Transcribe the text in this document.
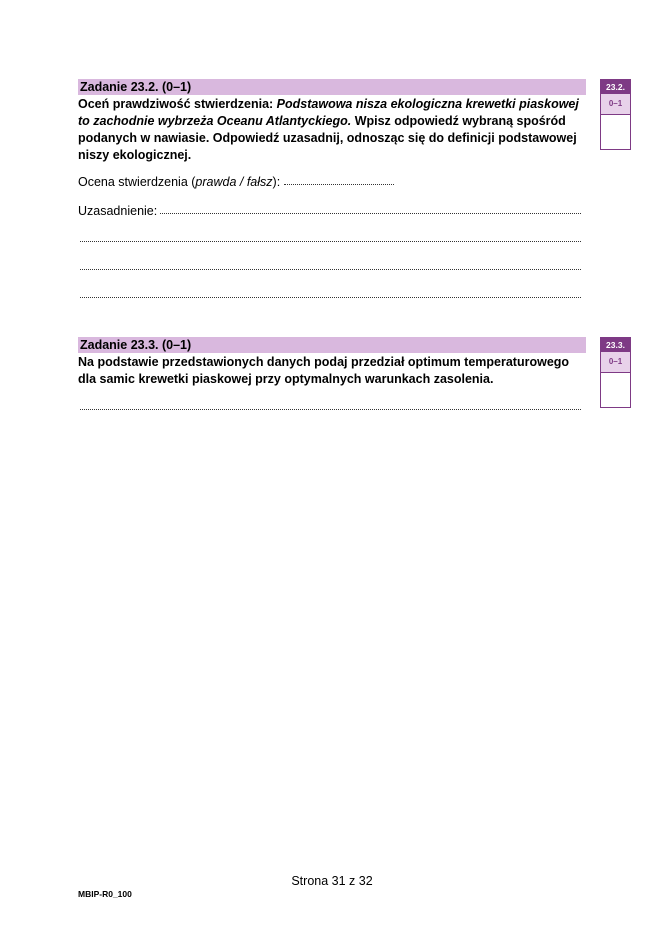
Zadanie 23.2. (0–1)
Oceń prawdziwość stwierdzenia: Podstawowa nisza ekologiczna krewetki piaskowej to zachodnie wybrzeża Oceanu Atlantyckiego. Wpisz odpowiedź wybraną spośród podanych w nawiasie. Odpowiedź uzasadnij, odnosząc się do definicji podstawowej niszy ekologicznej.
Ocena stwierdzenia (prawda / fałsz):
Uzasadnienie:
23.2.
0–1
Zadanie 23.3. (0–1)
Na podstawie przedstawionych danych podaj przedział optimum temperaturowego dla samic krewetki piaskowej przy optymalnych warunkach zasolenia.
23.3.
0–1
Strona 31 z 32
MBIP-R0_100
